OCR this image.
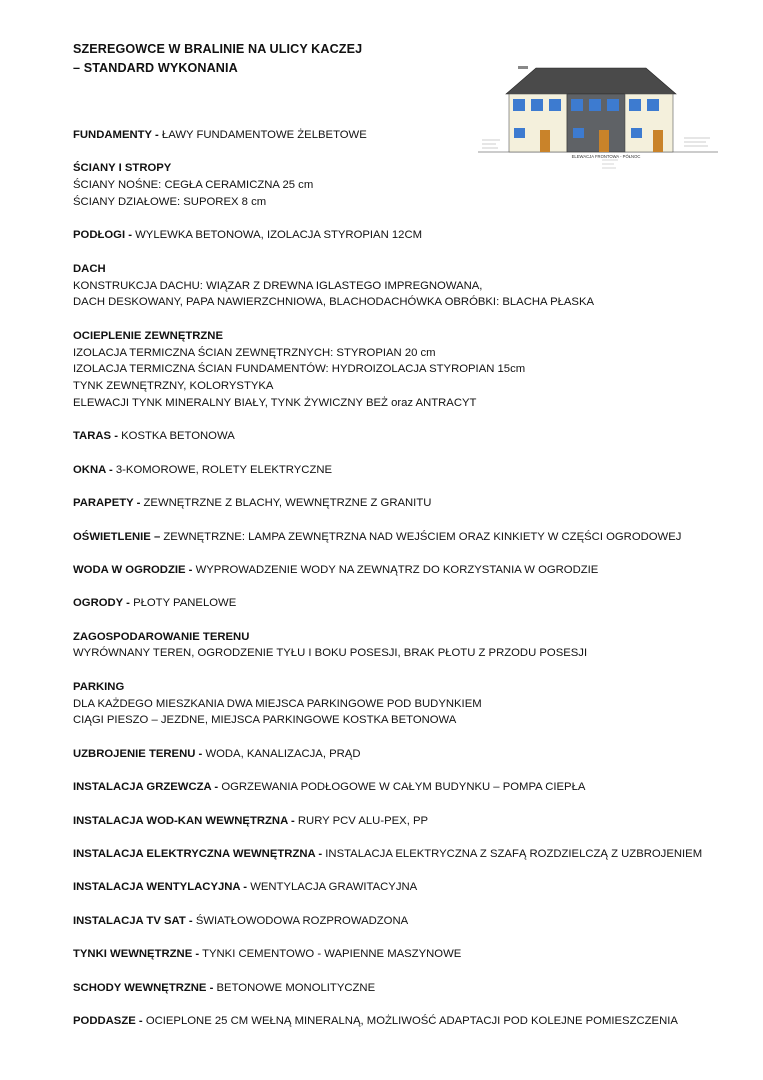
SZEREGOWCE W BRALINIE NA ULICY KACZEJ
– STANDARD WYKONANIA
ELEWACJA FRONTOWA - PÓŁNOC

FUNDAMENTY - ŁAWY FUNDAMENTOWE ŻELBETOWE

ŚCIANY I STROPY
ŚCIANY NOŚNE: CEGŁA CERAMICZNA 25 cm
ŚCIANY DZIAŁOWE: SUPOREX 8 cm

PODŁOGI - WYLEWKA BETONOWA, IZOLACJA STYROPIAN 12CM

DACH
KONSTRUKCJA DACHU: WIĄZAR Z DREWNA IGLASTEGO IMPREGNOWANA,
DACH DESKOWANY, PAPA NAWIERZCHNIOWA, BLACHODACHÓWKA OBRÓBKI: BLACHA PŁASKA

OCIEPLENIE ZEWNĘTRZNE
IZOLACJA TERMICZNA ŚCIAN ZEWNĘTRZNYCH: STYROPIAN 20 cm
IZOLACJA TERMICZNA ŚCIAN FUNDAMENTÓW: HYDROIZOLACJA STYROPIAN 15cm
TYNK ZEWNĘTRZNY, KOLORYSTYKA
ELEWACJI TYNK MINERALNY BIAŁY, TYNK ŻYWICZNY BEŻ oraz ANTRACYT

TARAS - KOSTKA BETONOWA

OKNA - 3-KOMOROWE, ROLETY ELEKTRYCZNE

PARAPETY - ZEWNĘTRZNE Z BLACHY, WEWNĘTRZNE Z GRANITU

OŚWIETLENIE – ZEWNĘTRZNE: LAMPA ZEWNĘTRZNA NAD WEJŚCIEM ORAZ KINKIETY W CZĘŚCI OGRODOWEJ

WODA W OGRODZIE - WYPROWADZENIE WODY NA ZEWNĄTRZ DO KORZYSTANIA W OGRODZIE

OGRODY - PŁOTY PANELOWE

ZAGOSPODAROWANIE TERENU
WYRÓWNANY TEREN, OGRODZENIE TYŁU I BOKU POSESJI, BRAK PŁOTU Z PRZODU POSESJI

PARKING
DLA KAŻDEGO MIESZKANIA DWA MIEJSCA PARKINGOWE POD BUDYNKIEM
CIĄGI PIESZO – JEZDNE, MIEJSCA PARKINGOWE KOSTKA BETONOWA

UZBROJENIE TERENU - WODA, KANALIZACJA, PRĄD

INSTALACJA GRZEWCZA - OGRZEWANIA PODŁOGOWE W CAŁYM BUDYNKU – POMPA CIEPŁA

INSTALACJA WOD-KAN WEWNĘTRZNA - RURY PCV ALU-PEX, PP

INSTALACJA ELEKTRYCZNA WEWNĘTRZNA - INSTALACJA ELEKTRYCZNA Z SZAFĄ ROZDZIELCZĄ Z UZBROJENIEM

INSTALACJA WENTYLACYJNA - WENTYLACJA GRAWITACYJNA

INSTALACJA TV SAT - ŚWIATŁOWODOWA ROZPROWADZONA

TYNKI WEWNĘTRZNE - TYNKI CEMENTOWO - WAPIENNE MASZYNOWE

SCHODY WEWNĘTRZNE - BETONOWE MONOLITYCZNE

PODDASZE - OCIEPLONE 25 CM WEŁNĄ MINERALNĄ, MOŻLIWOŚĆ ADAPTACJI POD KOLEJNE POMIESZCZENIA
